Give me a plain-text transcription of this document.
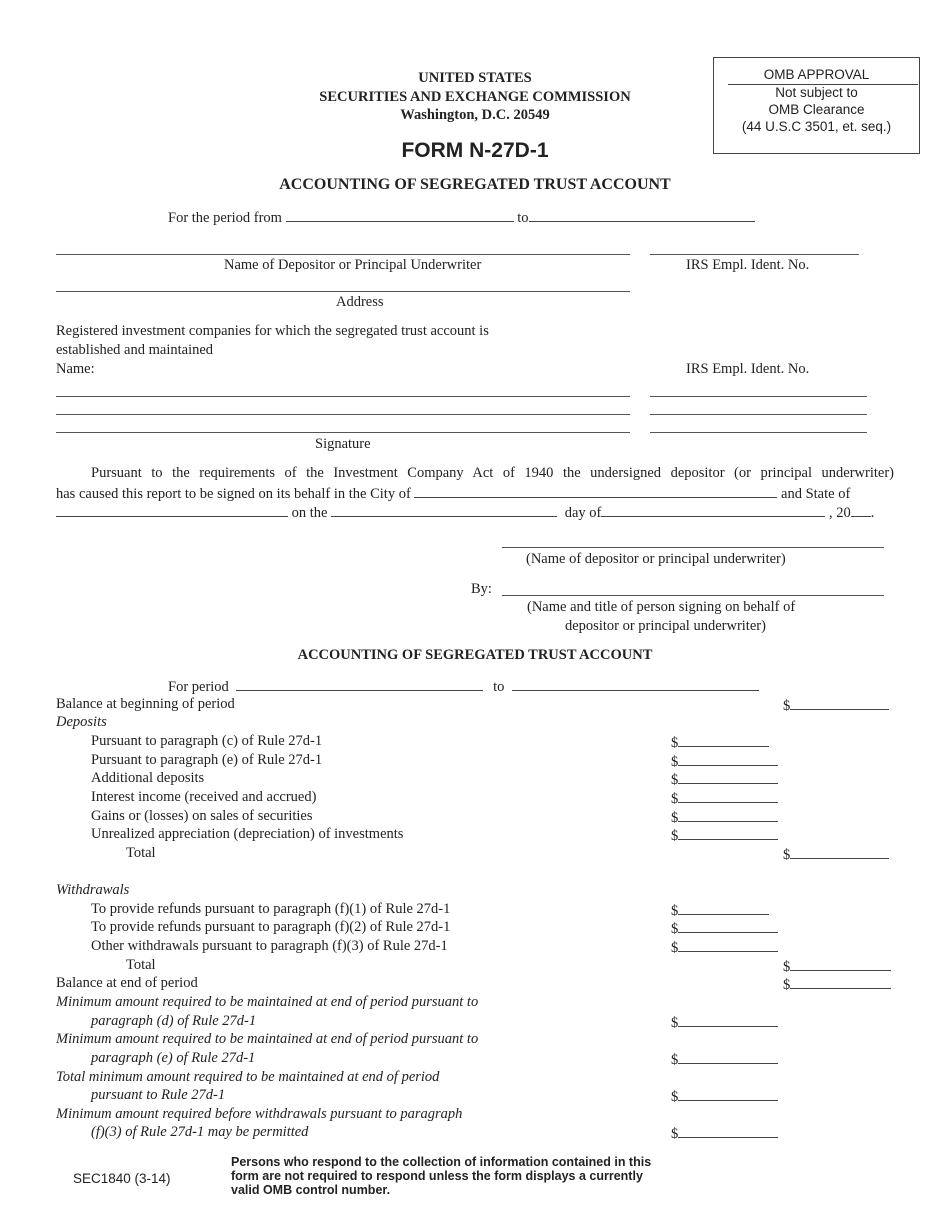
OMB APPROVAL
Not subject to
OMB Clearance
(44 U.S.C 3501, et. seq.)
UNITED STATES
SECURITIES AND EXCHANGE COMMISSION
Washington, D.C. 20549
FORM N-27D-1
ACCOUNTING OF SEGREGATED TRUST ACCOUNT
For the period from	to
Name of Depositor or Principal Underwriter	IRS Empl. Ident. No.
Address
Registered investment companies for which the segregated trust account is
established and maintained
Name:	IRS Empl. Ident. No.
Signature
Pursuant to the requirements of the Investment Company Act of 1940 the undersigned depositor (or principal underwriter)
has caused this report to be signed on its behalf in the City of	and State of
on the	day of	, 20 .
(Name of depositor or principal underwriter)
By:
(Name and title of person signing on behalf of
depositor or principal underwriter)
ACCOUNTING OF SEGREGATED TRUST ACCOUNT
For period	to
Balance at beginning of period	$
Deposits
Pursuant to paragraph (c) of Rule 27d-1	$
Pursuant to paragraph (e) of Rule 27d-1	$
Additional deposits	$
Interest income (received and accrued)	$
Gains or (losses) on sales of securities	$
Unrealized appreciation (depreciation) of investments	$
Total	$
Withdrawals
To provide refunds pursuant to paragraph (f)(1) of Rule 27d-1	$
To provide refunds pursuant to paragraph (f)(2) of Rule 27d-1	$
Other withdrawals pursuant to paragraph (f)(3) of Rule 27d-1	$
Total	$
Balance at end of period	$
Minimum amount required to be maintained at end of period pursuant to
paragraph (d) of Rule 27d-1	$
Minimum amount required to be maintained at end of period pursuant to
paragraph (e) of Rule 27d-1	$
Total minimum amount required to be maintained at end of period
pursuant to Rule 27d-1	$
Minimum amount required before withdrawals pursuant to paragraph
(f)(3) of Rule 27d-1 may be permitted	$
SEC1840 (3-14)
Persons who respond to the collection of information contained in this
form are not required to respond unless the form displays a currently
valid OMB control number.
